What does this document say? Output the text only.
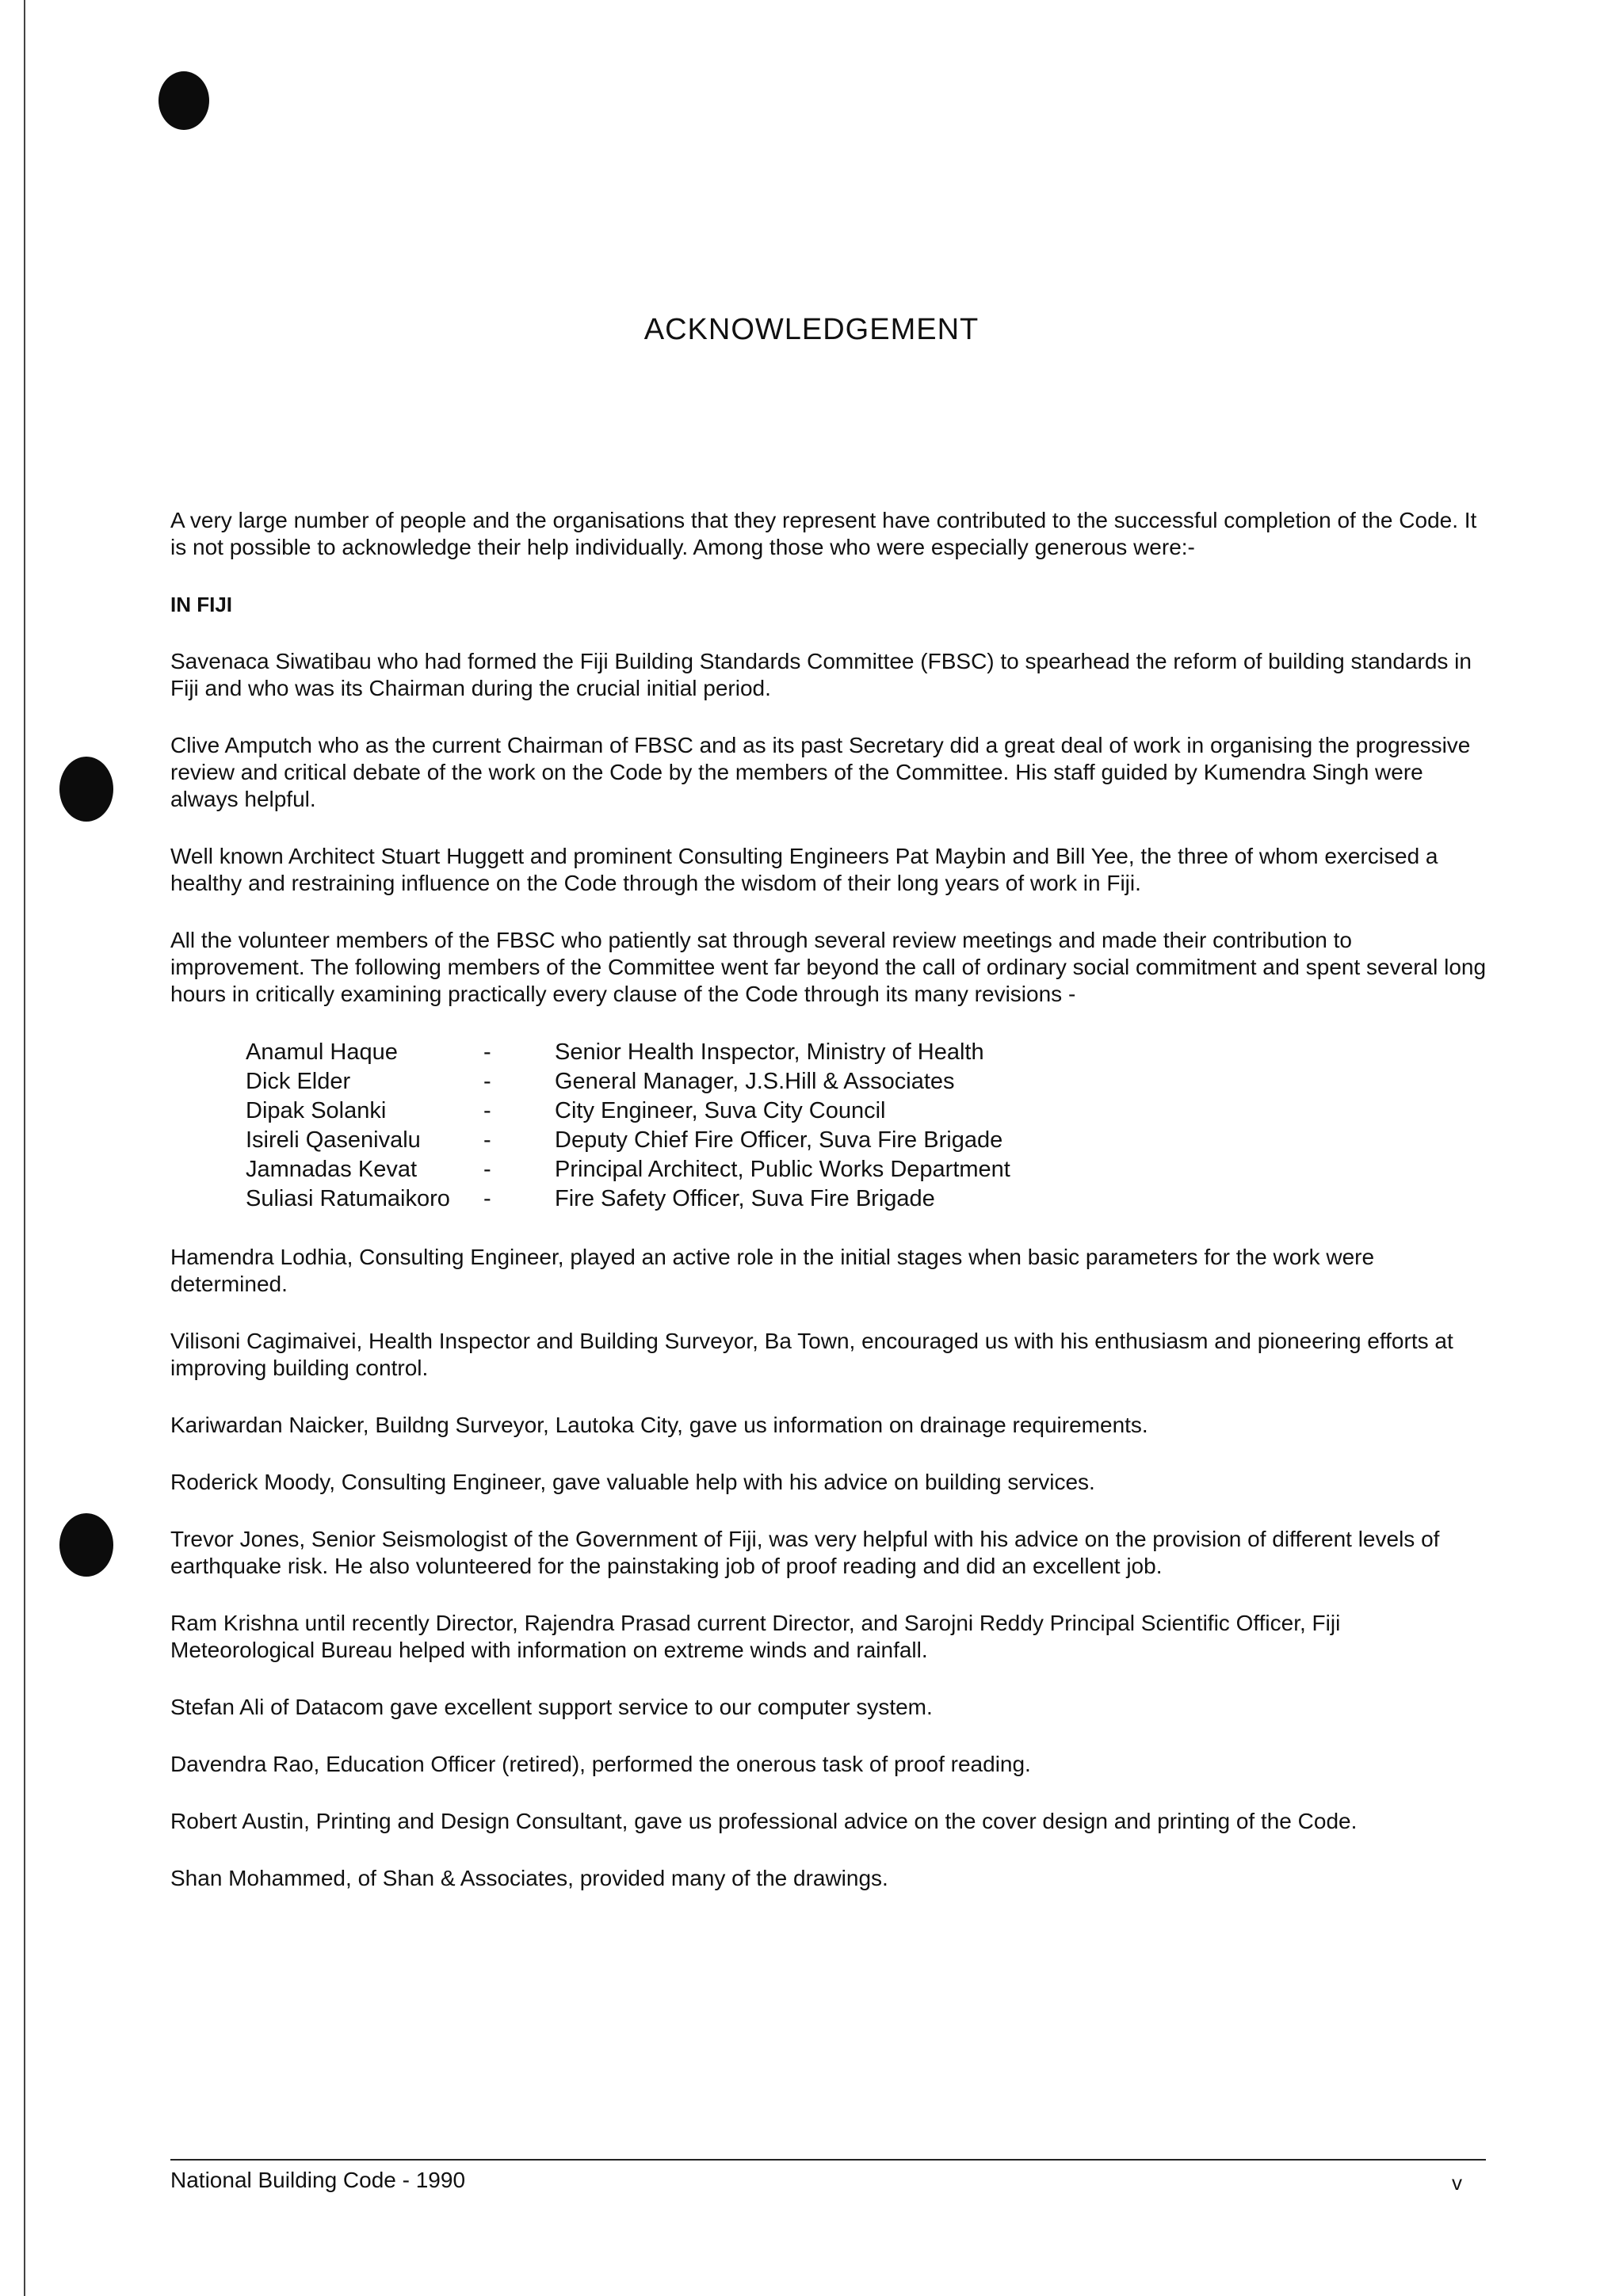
ACKNOWLEDGEMENT

A very large number of people and the organisations that they represent have contributed to the successful completion of the Code. It is not possible to acknowledge their help individually. Among those who were especially generous were:-

IN FIJI

Savenaca Siwatibau who had formed the Fiji Building Standards Committee (FBSC) to spearhead the reform of building standards in Fiji and who was its Chairman during the crucial initial period.

Clive Amputch who as the current Chairman of FBSC and as its past Secretary did a great deal of work in organising the progressive review and critical debate of the work on the Code by the members of the Committee. His staff guided by Kumendra Singh were always helpful.

Well known Architect Stuart Huggett and prominent Consulting Engineers Pat Maybin and Bill Yee, the three of whom exercised a healthy and restraining influence on the Code through the wisdom of their long years of work in Fiji.

All the volunteer members of the FBSC who patiently sat through several review meetings and made their contribution to improvement. The following members of the Committee went far beyond the call of ordinary social commitment and spent several long hours in critically examining practically every clause of the Code through its many revisions -

Anamul Haque	-	Senior Health Inspector, Ministry of Health
Dick Elder	-	General Manager, J.S.Hill & Associates
Dipak Solanki	-	City Engineer, Suva City Council
Isireli Qasenivalu	-	Deputy Chief Fire Officer, Suva Fire Brigade
Jamnadas Kevat	-	Principal Architect, Public Works Department
Suliasi Ratumaikoro	-	Fire Safety Officer, Suva Fire Brigade

Hamendra Lodhia, Consulting Engineer, played an active role in the initial stages when basic parameters for the work were determined.

Vilisoni Cagimaivei, Health Inspector and Building Surveyor, Ba Town, encouraged us with his enthusiasm and pioneering efforts at improving building control.

Kariwardan Naicker, Buildng Surveyor, Lautoka City, gave us information on drainage requirements.

Roderick Moody, Consulting Engineer, gave valuable help with his advice on building services.

Trevor Jones, Senior Seismologist of the Government of Fiji, was very helpful with his advice on the provision of different levels of earthquake risk. He also volunteered for the painstaking job of proof reading and did an excellent job.

Ram Krishna until recently Director, Rajendra Prasad current Director, and Sarojni Reddy Principal Scientific Officer, Fiji Meteorological Bureau helped with information on extreme winds and rainfall.

Stefan Ali of Datacom gave excellent support service to our computer system.

Davendra Rao, Education Officer (retired), performed the onerous task of proof reading.

Robert Austin, Printing and Design Consultant, gave us professional advice on the cover design and printing of the Code.

Shan Mohammed, of Shan & Associates, provided many of the drawings.

National Building Code - 1990	v
